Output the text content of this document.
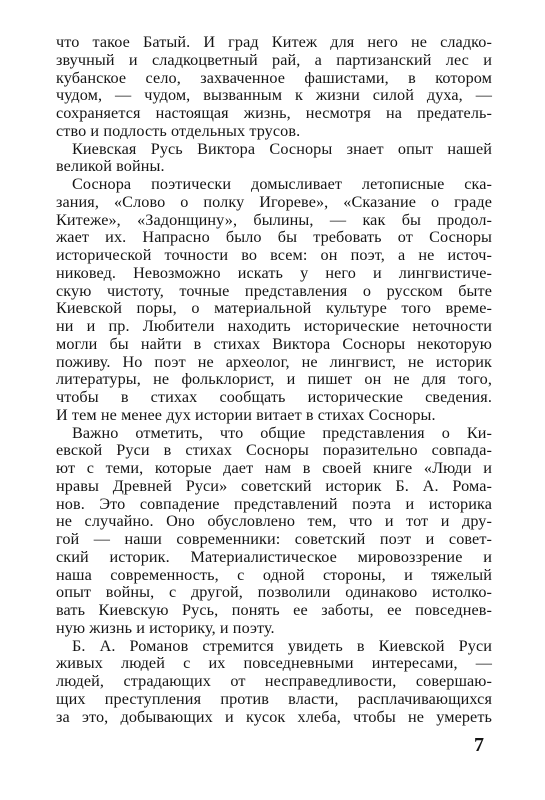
что такое Батый. И град Китеж для него не сладко-
звучный и сладкоцветный рай, а партизанский лес и
кубанское село, захваченное фашистами, в котором
чудом, — чудом, вызванным к жизни силой духа, —
сохраняется настоящая жизнь, несмотря на предатель-
ство и подлость отдельных трусов.
Киевская Русь Виктора Сосноры знает опыт нашей
великой войны.
Соснора поэтически домысливает летописные ска-
зания, «Слово о полку Игореве», «Сказание о граде
Китеже», «Задонщину», былины, — как бы продол-
жает их. Напрасно было бы требовать от Сосноры
исторической точности во всем: он поэт, а не источ-
никовед. Невозможно искать у него и лингвистиче-
скую чистоту, точные представления о русском быте
Киевской поры, о материальной культуре того време-
ни и пр. Любители находить исторические неточности
могли бы найти в стихах Виктора Сосноры некоторую
поживу. Но поэт не археолог, не лингвист, не историк
литературы, не фольклорист, и пишет он не для того,
чтобы в стихах сообщать исторические сведения.
И тем не менее дух истории витает в стихах Сосноры.
Важно отметить, что общие представления о Ки-
евской Руси в стихах Сосноры поразительно совпада-
ют с теми, которые дает нам в своей книге «Люди и
нравы Древней Руси» советский историк Б. А. Рома-
нов. Это совпадение представлений поэта и историка
не случайно. Оно обусловлено тем, что и тот и дру-
гой — наши современники: советский поэт и совет-
ский историк. Материалистическое мировоззрение и
наша современность, с одной стороны, и тяжелый
опыт войны, с другой, позволили одинаково истолко-
вать Киевскую Русь, понять ее заботы, ее повседнев-
ную жизнь и историку, и поэту.
Б. А. Романов стремится увидеть в Киевской Руси
живых людей с их повседневными интересами, —
людей, страдающих от несправедливости, совершаю-
щих преступления против власти, расплачивающихся
за это, добывающих и кусок хлеба, чтобы не умереть
7
